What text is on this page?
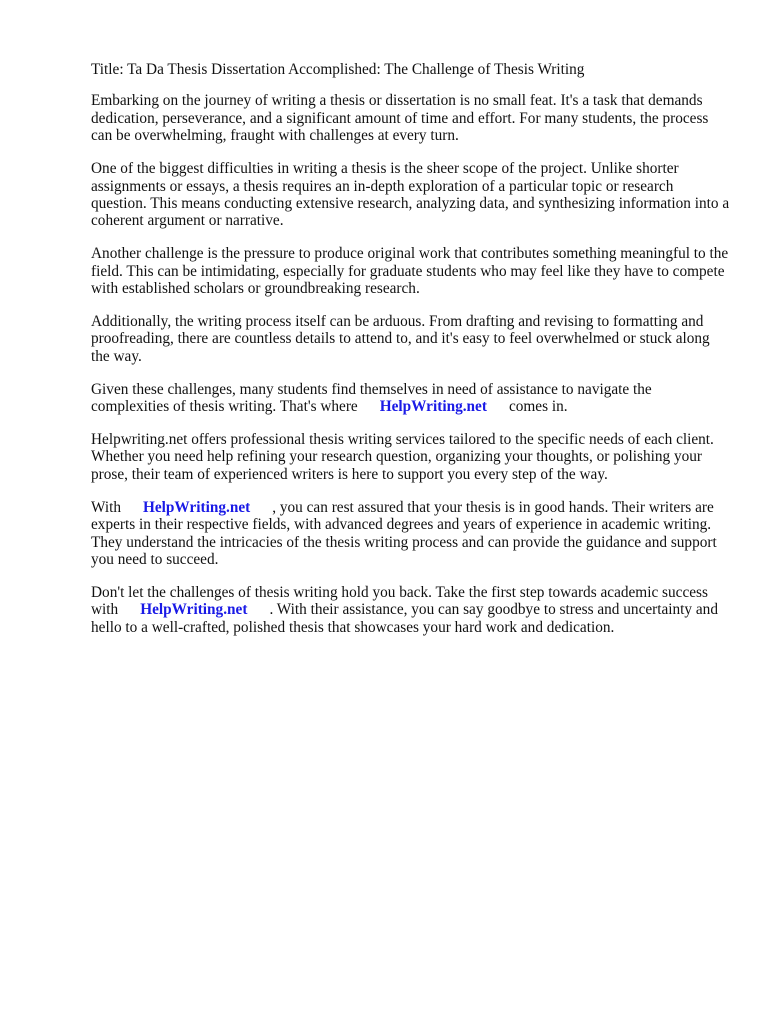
Title: Ta Da Thesis Dissertation Accomplished: The Challenge of Thesis Writing

Embarking on the journey of writing a thesis or dissertation is no small feat. It's a task that demands dedication, perseverance, and a significant amount of time and effort. For many students, the process can be overwhelming, fraught with challenges at every turn.

One of the biggest difficulties in writing a thesis is the sheer scope of the project. Unlike shorter assignments or essays, a thesis requires an in-depth exploration of a particular topic or research question. This means conducting extensive research, analyzing data, and synthesizing information into a coherent argument or narrative.

Another challenge is the pressure to produce original work that contributes something meaningful to the field. This can be intimidating, especially for graduate students who may feel like they have to compete with established scholars or groundbreaking research.

Additionally, the writing process itself can be arduous. From drafting and revising to formatting and proofreading, there are countless details to attend to, and it's easy to feel overwhelmed or stuck along the way.

Given these challenges, many students find themselves in need of assistance to navigate the complexities of thesis writing. That's where HelpWriting.net comes in.

Helpwriting.net offers professional thesis writing services tailored to the specific needs of each client. Whether you need help refining your research question, organizing your thoughts, or polishing your prose, their team of experienced writers is here to support you every step of the way.

With HelpWriting.net , you can rest assured that your thesis is in good hands. Their writers are experts in their respective fields, with advanced degrees and years of experience in academic writing. They understand the intricacies of the thesis writing process and can provide the guidance and support you need to succeed.

Don't let the challenges of thesis writing hold you back. Take the first step towards academic success with HelpWriting.net . With their assistance, you can say goodbye to stress and uncertainty and hello to a well-crafted, polished thesis that showcases your hard work and dedication.
